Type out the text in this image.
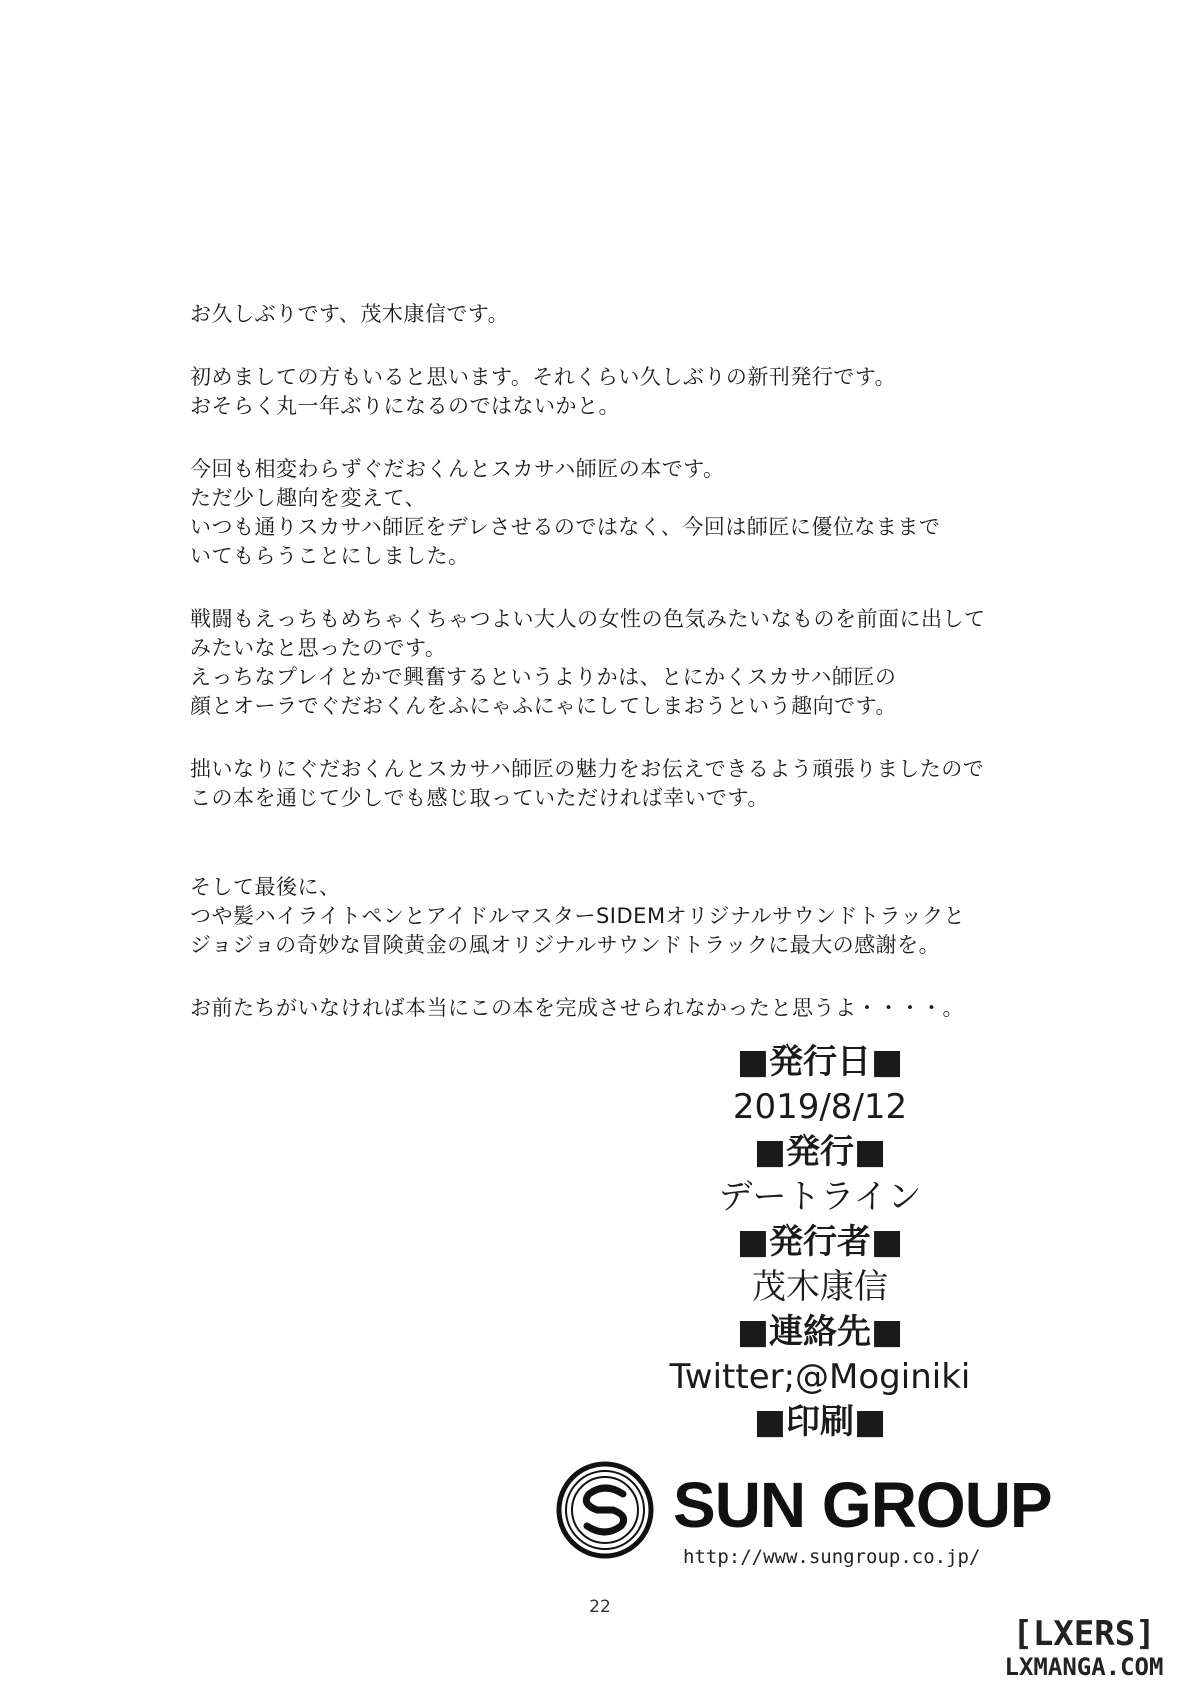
お久しぶりです、茂木康信です。
初めましての方もいると思います。それくらい久しぶりの新刊発行です。
おそらく丸一年ぶりになるのではないかと。
今回も相変わらずぐだおくんとスカサハ師匠の本です。
ただ少し趣向を変えて、
いつも通りスカサハ師匠をデレさせるのではなく、今回は師匠に優位なままで
いてもらうことにしました。
戦闘もえっちもめちゃくちゃつよい大人の女性の色気みたいなものを前面に出して
みたいなと思ったのです。
えっちなプレイとかで興奮するというよりかは、とにかくスカサハ師匠の
顔とオーラでぐだおくんをふにゃふにゃにしてしまおうという趣向です。
拙いなりにぐだおくんとスカサハ師匠の魅力をお伝えできるよう頑張りましたので
この本を通じて少しでも感じ取っていただければ幸いです。
そして最後に、
つや髪ハイライトペンとアイドルマスターSIDEMオリジナルサウンドトラックと
ジョジョの奇妙な冒険黄金の風オリジナルサウンドトラックに最大の感謝を。
お前たちがいなければ本当にこの本を完成させられなかったと思うよ・・・・。
■発行日■
2019/8/12
■発行■
デートライン
■発行者■
茂木康信
■連絡先■
Twitter;@Moginiki
■印刷■
SUN GROUP
http://www.sungroup.co.jp/
22
[LXERS]
LXMANGA.COM
